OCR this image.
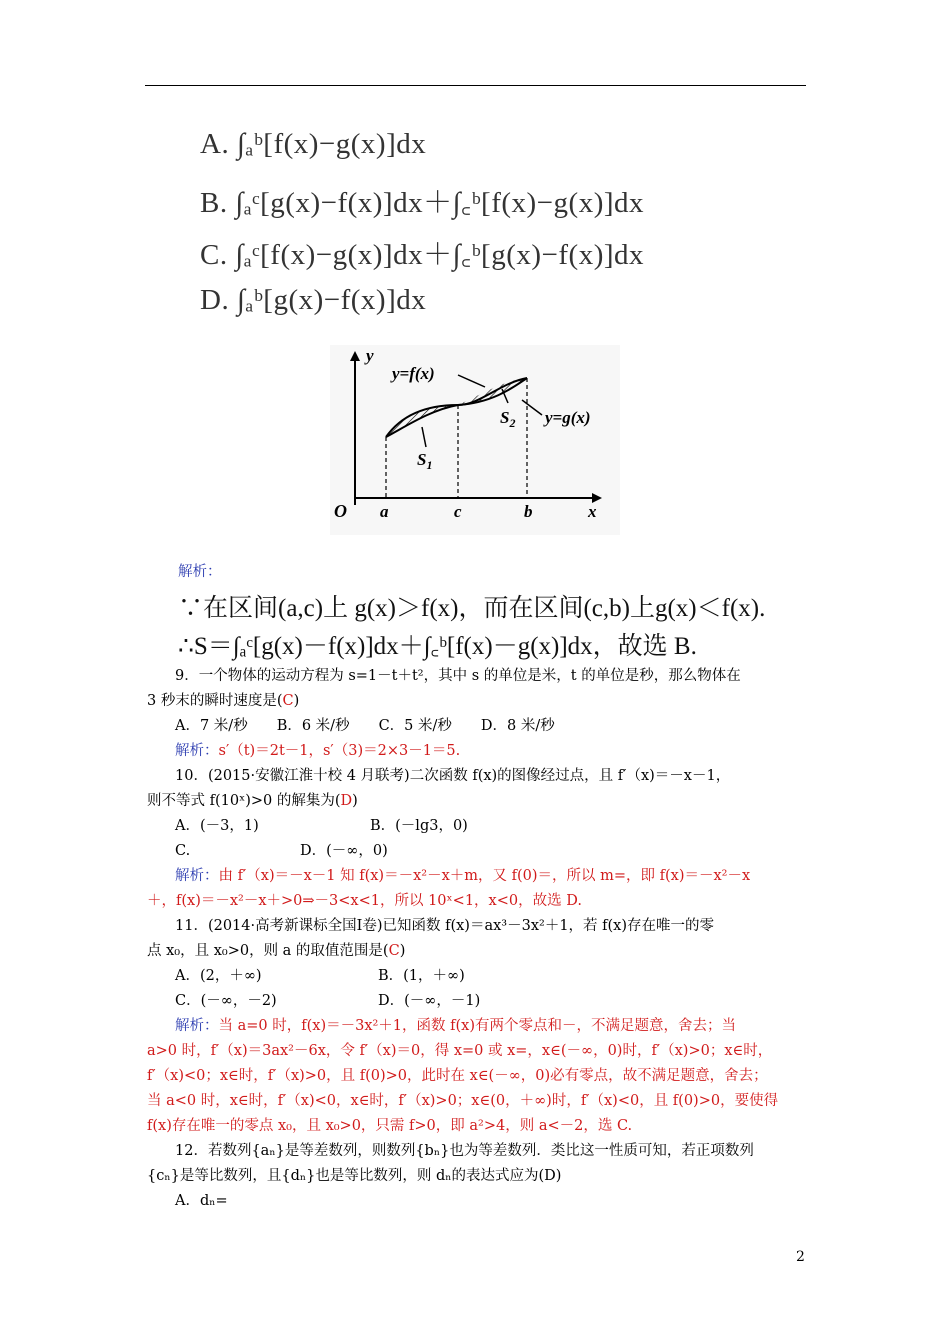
A. ∫ₐᵇ[f(x)−g(x)]dx
B. ∫ₐᶜ[g(x)−f(x)]dx＋∫꜀ᵇ[f(x)−g(x)]dx
C. ∫ₐᶜ[f(x)−g(x)]dx＋∫꜀ᵇ[g(x)−f(x)]dx
D. ∫ₐᵇ[g(x)−f(x)]dx
y
x
O a	c	b
y=f(x)
y=g(x)
$S_1$
$S_2$
解析：
∵在区间(a,c)上 g(x)＞f(x)，而在区间(c,b)上g(x)＜f(x).
∴S＝∫ₐᶜ[g(x)－f(x)]dx＋∫꜀ᵇ[f(x)－g(x)]dx，故选 B.
9．一个物体的运动方程为 s=1－t＋t²，其中 s 的单位是米，t 的单位是秒，那么物体在
3 秒末的瞬时速度是(C)
A．7 米/秒　　B．6 米/秒　　C．5 米/秒　　D．8 米/秒
解析：s′（t)＝2t－1，s′（3)＝2×3－1＝5.
10．(2015·安徽江淮十校 4 月联考)二次函数 f(x)的图像经过点，且 f′（x)＝－x－1，
则不等式 f(10ˣ)>0 的解集为(D)
A．(－3，1)	B．(－lg3，0)
C.	D．(－∞，0)
解析：由 f′（x)＝－x－1 知 f(x)＝－x²－x＋m，又 f(0)＝，所以 m=，即 f(x)＝－x²－x
＋，f(x)＝－x²－x＋>0⇒－3<x<1，所以 10ˣ<1，x<0，故选 D.
11．(2014·高考新课标全国Ⅰ卷)已知函数 f(x)＝ax³－3x²＋1，若 f(x)存在唯一的零
点 x₀，且 x₀>0，则 a 的取值范围是(C)
A．(2，＋∞)	B．(1，＋∞)
C．(－∞，－2)	D．(－∞，－1)
解析：当 a=0 时，f(x)＝－3x²＋1，函数 f(x)有两个零点和－，不满足题意，舍去；当
a>0 时，f′（x)＝3ax²－6x，令 f′（x)＝0，得 x=0 或 x=，x∈(－∞，0)时，f′（x)>0；x∈时，
f′（x)<0；x∈时，f′（x)>0，且 f(0)>0，此时在 x∈(－∞，0)必有零点，故不满足题意，舍去；
当 a<0 时，x∈时，f′（x)<0，x∈时，f′（x)>0；x∈(0，＋∞)时，f′（x)<0，且 f(0)>0，要使得
f(x)存在唯一的零点 x₀，且 x₀>0，只需 f>0，即 a²>4，则 a<－2，选 C.
12．若数列{aₙ}是等差数列，则数列{bₙ}也为等差数列．类比这一性质可知，若正项数列
{cₙ}是等比数列，且{dₙ}也是等比数列，则 dₙ的表达式应为(D)
A．dₙ=
2
